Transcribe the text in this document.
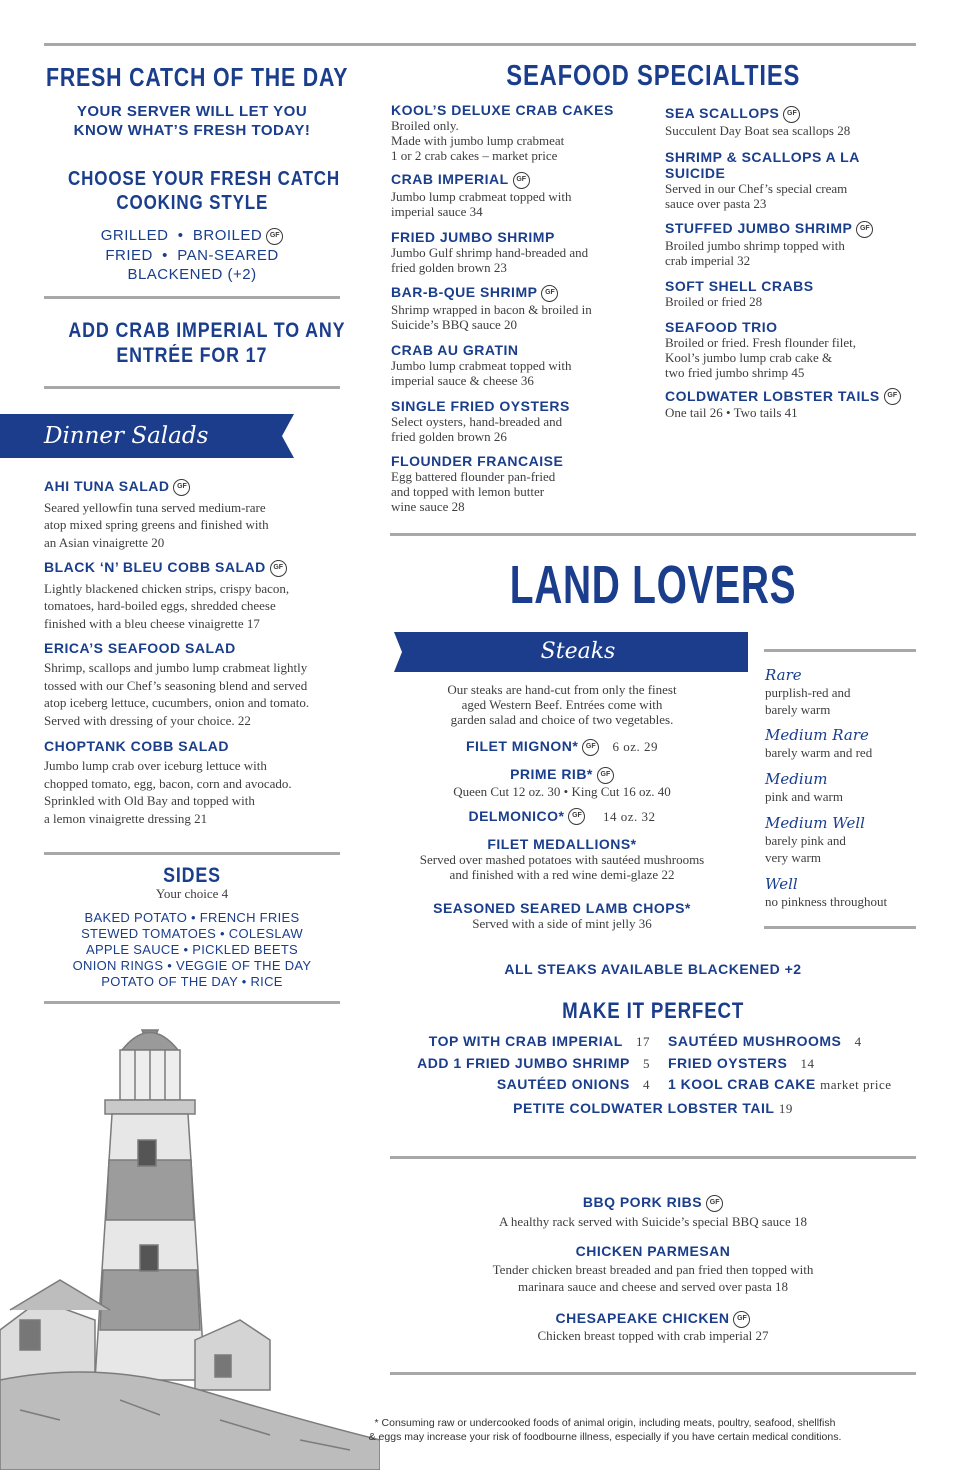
FRESH CATCH OF THE DAY
YOUR SERVER WILL LET YOU
KNOW WHAT’S FRESH TODAY!
CHOOSE YOUR FRESH CATCH
COOKING STYLE
GRILLED  •  BROILED GF
FRIED  •  PAN-SEARED
BLACKENED (+2)
ADD CRAB IMPERIAL TO ANY
ENTRÉE FOR 17
Dinner Salads
AHI TUNA SALAD GF
Seared yellowfin tuna served medium-rare
atop mixed spring greens and finished with
an Asian vinaigrette 20
BLACK ‘N’ BLEU COBB SALAD GF
Lightly blackened chicken strips, crispy bacon,
tomatoes, hard-boiled eggs, shredded cheese
finished with a bleu cheese vinaigrette 17
ERICA’S SEAFOOD SALAD
Shrimp, scallops and jumbo lump crabmeat lightly
tossed with our Chef’s seasoning blend and served
atop iceberg lettuce, cucumbers, onion and tomato.
Served with dressing of your choice. 22
CHOPTANK COBB SALAD
Jumbo lump crab over iceburg lettuce with
chopped tomato, egg, bacon, corn and avocado.
Sprinkled with Old Bay and topped with
a lemon vinaigrette dressing 21
SIDES
Your choice 4
BAKED POTATO • FRENCH FRIES
STEWED TOMATOES • COLESLAW
APPLE SAUCE • PICKLED BEETS
ONION RINGS • VEGGIE OF THE DAY
POTATO OF THE DAY • RICE
SEAFOOD SPECIALTIES
KOOL’S DELUXE CRAB CAKES
Broiled only.
Made with jumbo lump crabmeat
1 or 2 crab cakes – market price
CRAB IMPERIAL GF
Jumbo lump crabmeat topped with
imperial sauce 34
FRIED JUMBO SHRIMP
Jumbo Gulf shrimp hand-breaded and
fried golden brown 23
BAR-B-QUE SHRIMP GF
Shrimp wrapped in bacon & broiled in
Suicide’s BBQ sauce 20
CRAB AU GRATIN
Jumbo lump crabmeat topped with
imperial sauce & cheese 36
SINGLE FRIED OYSTERS
Select oysters, hand-breaded and
fried golden brown 26
FLOUNDER FRANCAISE
Egg battered flounder pan-fried
and topped with lemon butter
wine sauce 28
SEA SCALLOPS GF
Succulent Day Boat sea scallops 28
SHRIMP & SCALLOPS A LA
SUICIDE
Served in our Chef’s special cream
sauce over pasta 23
STUFFED JUMBO SHRIMP GF
Broiled jumbo shrimp topped with
crab imperial 32
SOFT SHELL CRABS
Broiled or fried 28
SEAFOOD TRIO
Broiled or fried. Fresh flounder filet,
Kool’s jumbo lump crab cake &
two fried jumbo shrimp 45
COLDWATER LOBSTER TAILS GF
One tail 26 • Two tails 41
LAND LOVERS
Steaks
Our steaks are hand-cut from only the finest
aged Western Beef. Entrées come with
garden salad and choice of two vegetables.
FILET MIGNON* GF 6 oz. 29
PRIME RIB* GF
Queen Cut 12 oz. 30 • King Cut 16 oz. 40
DELMONICO* GF 14 oz. 32
FILET MEDALLIONS*
Served over mashed potatoes with sautéed mushrooms
and finished with a red wine demi-glaze 22
SEASONED SEARED LAMB CHOPS*
Served with a side of mint jelly 36
Rare
purplish-red and
barely warm
Medium Rare
barely warm and red
Medium
pink and warm
Medium Well
barely pink and
very warm
Well
no pinkness throughout
ALL STEAKS AVAILABLE BLACKENED +2
MAKE IT PERFECT
TOP WITH CRAB IMPERIAL 17
ADD 1 FRIED JUMBO SHRIMP 5
SAUTÉED ONIONS 4
SAUTÉED MUSHROOMS 4
FRIED OYSTERS 14
1 KOOL CRAB CAKE market price
PETITE COLDWATER LOBSTER TAIL 19
BBQ PORK RIBS GF
A healthy rack served with Suicide’s special BBQ sauce 18
CHICKEN PARMESAN
Tender chicken breast breaded and pan fried then topped with
marinara sauce and cheese and served over pasta 18
CHESAPEAKE CHICKEN GF
Chicken breast topped with crab imperial 27
* Consuming raw or undercooked foods of animal origin, including meats, poultry, seafood, shellfish
& eggs may increase your risk of foodbourne illness, especially if you have certain medical conditions.
